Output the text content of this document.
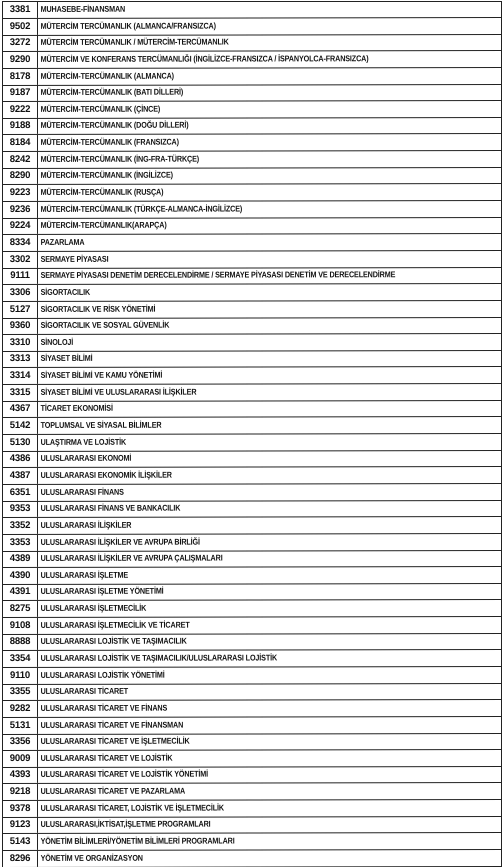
3381	MUHASEBE-FİNANSMAN
9502	MÜTERCİM TERCÜMANLIK (ALMANCA/FRANSIZCA)
3272	MÜTERCİM TERCÜMANLIK / MÜTERCİM-TERCÜMANLIK
9290	MÜTERCİM VE KONFERANS TERCÜMANLIĞI (İNGİLİZCE-FRANSIZCA / İSPANYOLCA-FRANSIZCA)
8178	MÜTERCİM-TERCÜMANLIK (ALMANCA)
9187	MÜTERCİM-TERCÜMANLIK (BATI DİLLERİ)
9222	MÜTERCİM-TERCÜMANLIK (ÇİNCE)
9188	MÜTERCİM-TERCÜMANLIK (DOĞU DİLLERİ)
8184	MÜTERCİM-TERCÜMANLIK (FRANSIZCA)
8242	MÜTERCİM-TERCÜMANLIK (İNG-FRA-TÜRKÇE)
8290	MÜTERCİM-TERCÜMANLIK (İNGİLİZCE)
9223	MÜTERCİM-TERCÜMANLIK (RUSÇA)
9236	MÜTERCİM-TERCÜMANLIK (TÜRKÇE-ALMANCA-İNGİLİZCE)
9224	MÜTERCİM-TERCÜMANLIK(ARAPÇA)
8334	PAZARLAMA
3302	SERMAYE PİYASASI
9111	SERMAYE PİYASASI DENETİM DERECELENDİRME / SERMAYE PİYASASI DENETİM VE DERECELENDİRME
3306	SİGORTACILIK
5127	SİGORTACILIK VE RİSK YÖNETİMİ
9360	SİGORTACILIK VE SOSYAL GÜVENLİK
3310	SİNOLOJİ
3313	SİYASET BİLİMİ
3314	SİYASET BİLİMİ VE KAMU YÖNETİMİ
3315	SİYASET BİLİMİ VE ULUSLARARASI İLİŞKİLER
4367	TİCARET EKONOMİSİ
5142	TOPLUMSAL VE SİYASAL BİLİMLER
5130	ULAŞTIRMA VE LOJİSTİK
4386	ULUSLARARASI EKONOMİ
4387	ULUSLARARASI EKONOMİK İLİŞKİLER
6351	ULUSLARARASI FİNANS
9353	ULUSLARARASI FİNANS VE BANKACILIK
3352	ULUSLARARASI İLİŞKİLER
3353	ULUSLARARASI İLİŞKİLER VE AVRUPA BİRLİĞİ
4389	ULUSLARARASI İLİŞKİLER VE AVRUPA ÇALIŞMALARI
4390	ULUSLARARASI İŞLETME
4391	ULUSLARARASI İŞLETME YÖNETİMİ
8275	ULUSLARARASI İŞLETMECİLİK
9108	ULUSLARARASI İŞLETMECİLİK VE TİCARET
8888	ULUSLARARASI LOJİSTİK VE TAŞIMACILIK
3354	ULUSLARARASI LOJİSTİK VE TAŞIMACILIK/ULUSLARARASI LOJİSTİK
9110	ULUSLARARASI LOJİSTİK YÖNETİMİ
3355	ULUSLARARASI TİCARET
9282	ULUSLARARASI TİCARET VE FİNANS
5131	ULUSLARARASI TİCARET VE FİNANSMAN
3356	ULUSLARARASI TİCARET VE İŞLETMECİLİK
9009	ULUSLARARASI TİCARET VE LOJİSTİK
4393	ULUSLARARASI TİCARET VE LOJİSTİK YÖNETİMİ
9218	ULUSLARARASI TİCARET VE PAZARLAMA
9378	ULUSLARARASI TİCARET, LOJİSTİK VE İŞLETMECİLİK
9123	ULUSLARARASI,İKTİSAT,İŞLETME PROGRAMLARI
5143	YÖNETİM BİLİMLERİ/YÖNETİM BİLİMLERİ PROGRAMLARI
8296	YÖNETİM VE ORGANİZASYON
